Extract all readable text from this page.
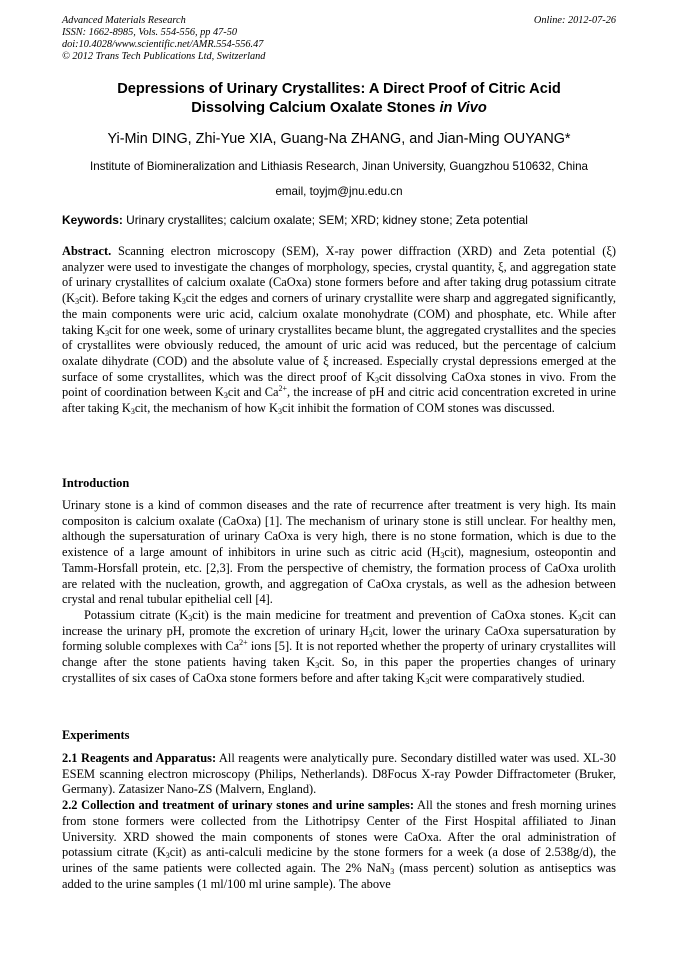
Advanced Materials Research
ISSN: 1662-8985, Vols. 554-556, pp 47-50
doi:10.4028/www.scientific.net/AMR.554-556.47
© 2012 Trans Tech Publications Ltd, Switzerland
Online: 2012-07-26
Depressions of Urinary Crystallites: A Direct Proof of Citric Acid
Dissolving Calcium Oxalate Stones in Vivo
Yi-Min DING, Zhi-Yue XIA, Guang-Na ZHANG, and Jian-Ming OUYANG*
Institute of Biomineralization and Lithiasis Research, Jinan University, Guangzhou 510632, China
email, toyjm@jnu.edu.cn
Keywords: Urinary crystallites; calcium oxalate; SEM; XRD; kidney stone; Zeta potential

Abstract. Scanning electron microscopy (SEM), X-ray power diffraction (XRD) and Zeta potential (ξ) analyzer were used to investigate the changes of morphology, species, crystal quantity, ξ, and aggregation state of urinary crystallites of calcium oxalate (CaOxa) stone formers before and after taking drug potassium citrate $(K_3cit)$. Before taking $K_3cit$ the edges and corners of urinary crystallite were sharp and aggregated significantly, the main components were uric acid, calcium oxalate monohydrate (COM) and phosphate, etc. While after taking $K_3cit$ for one week, some of urinary crystallites became blunt, the aggregated crystallites and the species of crystallites were obviously reduced, the amount of uric acid was reduced, but the percentage of calcium oxalate dihydrate (COD) and the absolute value of ξ increased. Especially crystal depressions emerged at the surface of some crystallites, which was the direct proof of $K_3cit$ dissolving CaOxa stones in vivo. From the point of coordination between $K_3cit$ and $Ca^{2+}$, the increase of pH and citric acid concentration excreted in urine after taking $K_3cit$, the mechanism of how $K_3cit$ inhibit the formation of COM stones was discussed.

Introduction

Urinary stone is a kind of common diseases and the rate of recurrence after treatment is very high. Its main compositon is calcium oxalate (CaOxa) [1]. The mechanism of urinary stone is still unclear. For healthy men, although the supersaturation of urinary CaOxa is very high, there is no stone formation, which is due to the existence of a large amount of inhibitors in urine such as citric acid $(H_3cit)$, magnesium, osteopontin and Tamm-Horsfall protein, etc. [2,3]. From the perspective of chemistry, the formation process of CaOxa urolith are related with the nucleation, growth, and aggregation of CaOxa crystals, as well as the adhesion between crystal and renal tubular epithelial cell [4].

Potassium citrate $(K_3cit)$ is the main medicine for treatment and prevention of CaOxa stones. $K_3cit$ can increase the urinary pH, promote the excretion of urinary $H_3cit$, lower the urinary CaOxa supersaturation by forming soluble complexes with $Ca^{2+}$ ions [5]. It is not reported whether the property of urinary crystallites will change after the stone patients having taken $K_3cit$. So, in this paper the properties changes of urinary crystallites of six cases of CaOxa stone formers before and after taking $K_3cit$ were comparatively studied.

Experiments

2.1 Reagents and Apparatus: All reagents were analytically pure. Secondary distilled water was used. XL-30 ESEM scanning electron microscopy (Philips, Netherlands). D8Focus X-ray Powder Diffractometer (Bruker, Germany). Zatasizer Nano-ZS (Malvern, England).

2.2 Collection and treatment of urinary stones and urine samples: All the stones and fresh morning urines from stone formers were collected from the Lithotripsy Center of the First Hospital affiliated to Jinan University. XRD showed the main components of stones were CaOxa. After the oral administration of potassium citrate $(K_3cit)$ as anti-calculi medicine by the stone formers for a week (a dose of 2.538g/d), the urines of the same patients were collected again. The 2% NaN$_3$ (mass percent) solution as antiseptics was added to the urine samples (1 ml/100 ml urine sample). The above
